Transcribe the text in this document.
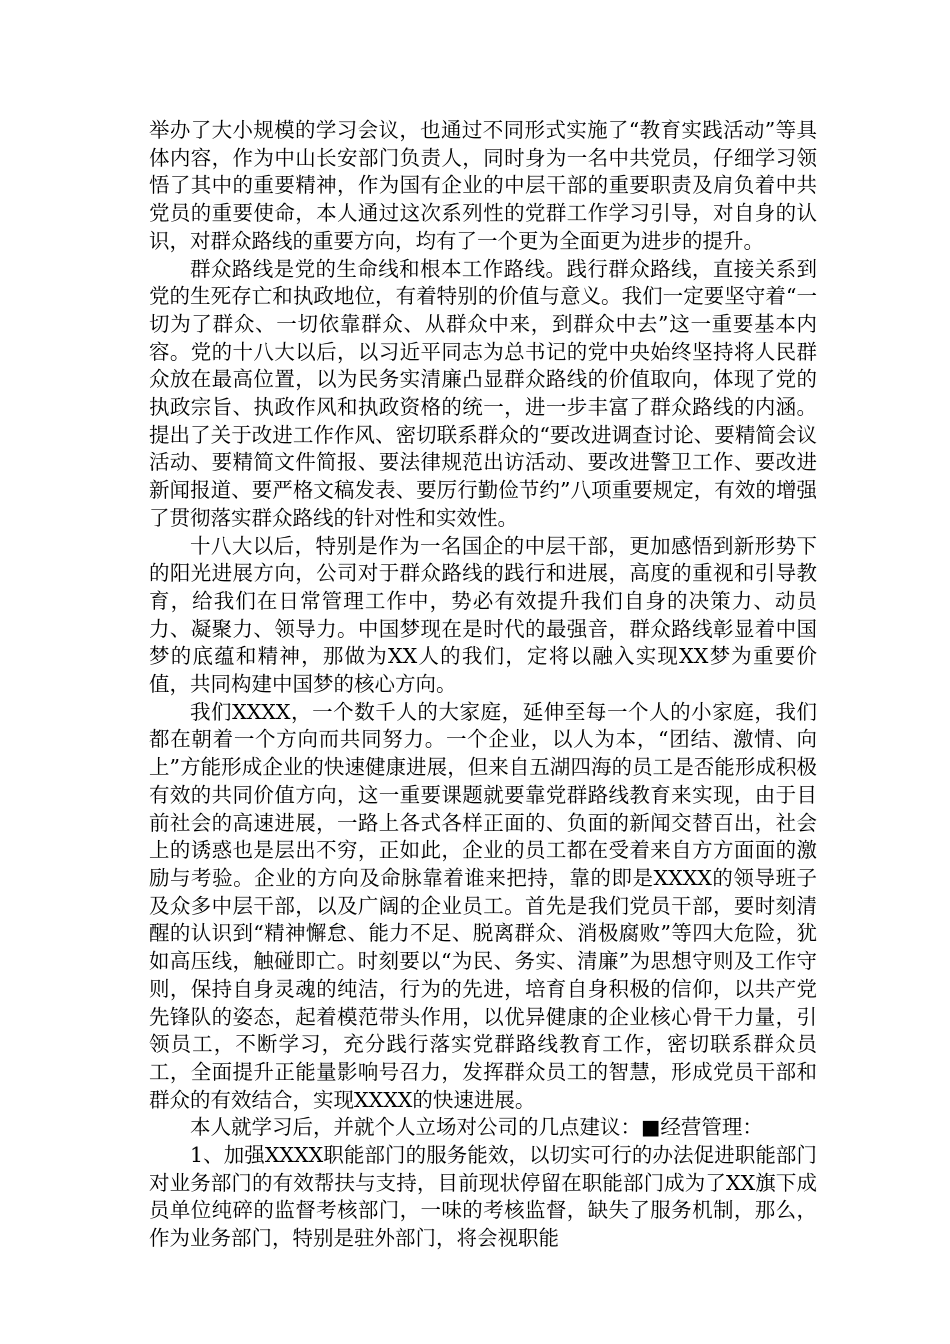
举办了大小规模的学习会议，也通过不同形式实施了“教育实践活动”等具体内容，作为中山长安部门负责人，同时身为一名中共党员，仔细学习领悟了其中的重要精神，作为国有企业的中层干部的重要职责及肩负着中共党员的重要使命，本人通过这次系列性的党群工作学习引导，对自身的认识，对群众路线的重要方向，均有了一个更为全面更为进步的提升。

群众路线是党的生命线和根本工作路线。践行群众路线，直接关系到党的生死存亡和执政地位，有着特别的价值与意义。我们一定要坚守着“一切为了群众、一切依靠群众、从群众中来，到群众中去”这一重要基本内容。党的十八大以后，以习近平同志为总书记的党中央始终坚持将人民群众放在最高位置，以为民务实清廉凸显群众路线的价值取向，体现了党的执政宗旨、执政作风和执政资格的统一，进一步丰富了群众路线的内涵。提出了关于改进工作作风、密切联系群众的“要改进调查讨论、要精简会议活动、要精简文件简报、要法律规范出访活动、要改进警卫工作、要改进新闻报道、要严格文稿发表、要厉行勤俭节约”八项重要规定，有效的增强了贯彻落实群众路线的针对性和实效性。

十八大以后，特别是作为一名国企的中层干部，更加感悟到新形势下的阳光进展方向，公司对于群众路线的践行和进展，高度的重视和引导教育，给我们在日常管理工作中，势必有效提升我们自身的决策力、动员力、凝聚力、领导力。中国梦现在是时代的最强音，群众路线彰显着中国梦的底蕴和精神，那做为XX人的我们，定将以融入实现XX梦为重要价值，共同构建中国梦的核心方向。

我们XXXX，一个数千人的大家庭，延伸至每一个人的小家庭，我们都在朝着一个方向而共同努力。一个企业，以人为本，“团结、激情、向上”方能形成企业的快速健康进展，但来自五湖四海的员工是否能形成积极有效的共同价值方向，这一重要课题就要靠党群路线教育来实现，由于目前社会的高速进展，一路上各式各样正面的、负面的新闻交替百出，社会上的诱惑也是层出不穷，正如此，企业的员工都在受着来自方方面面的激励与考验。企业的方向及命脉靠着谁来把持，靠的即是XXXX的领导班子及众多中层干部，以及广阔的企业员工。首先是我们党员干部，要时刻清醒的认识到“精神懈怠、能力不足、脱离群众、消极腐败”等四大危险，犹如高压线，触碰即亡。时刻要以“为民、务实、清廉”为思想守则及工作守则，保持自身灵魂的纯洁，行为的先进，培育自身积极的信仰，以共产党先锋队的姿态，起着模范带头作用，以优异健康的企业核心骨干力量，引领员工，不断学习，充分践行落实党群路线教育工作，密切联系群众员工，全面提升正能量影响号召力，发挥群众员工的智慧，形成党员干部和群众的有效结合，实现XXXX的快速进展。

本人就学习后，并就个人立场对公司的几点建议：■经营管理：

1、加强XXXX职能部门的服务能效，以切实可行的办法促进职能部门对业务部门的有效帮扶与支持，目前现状停留在职能部门成为了XX旗下成员单位纯碎的监督考核部门，一味的考核监督，缺失了服务机制，那么，作为业务部门，特别是驻外部门，将会视职能
